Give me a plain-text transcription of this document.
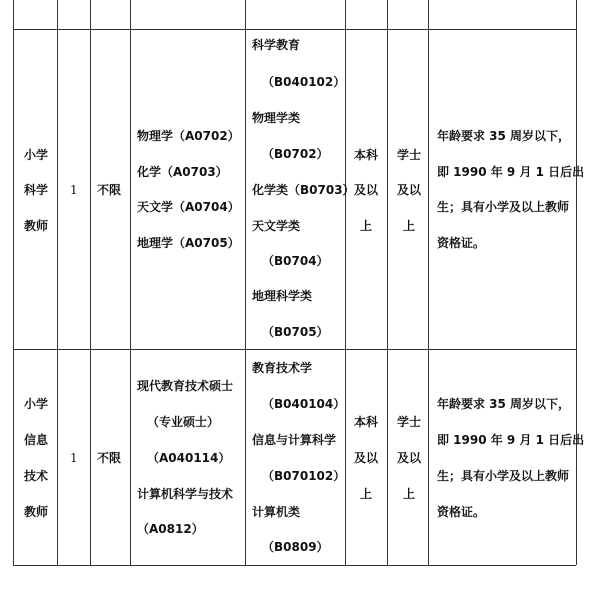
小学
科学
教师
1 不限
物理学（A0702）
化学（A0703）
天文学（A0704）
地理学（A0705）
科学教育
（B040102）
物理学类
（B0702）
化学类（B0703）
天文学类
（B0704）
地理科学类
（B0705）
本科
及以
上
学士
及以
上
年龄要求 35 周岁以下，
即 1990 年 9 月 1 日后出
生；具有小学及以上教师
资格证。
小学
信息
技术
教师
1 不限
现代教育技术硕士
（专业硕士）
（A040114）
计算机科学与技术
（A0812）
教育技术学
（B040104）
信息与计算科学
（B070102）
计算机类
（B0809）
本科
及以
上
学士
及以
上
年龄要求 35 周岁以下，
即 1990 年 9 月 1 日后出
生；具有小学及以上教师
资格证。
